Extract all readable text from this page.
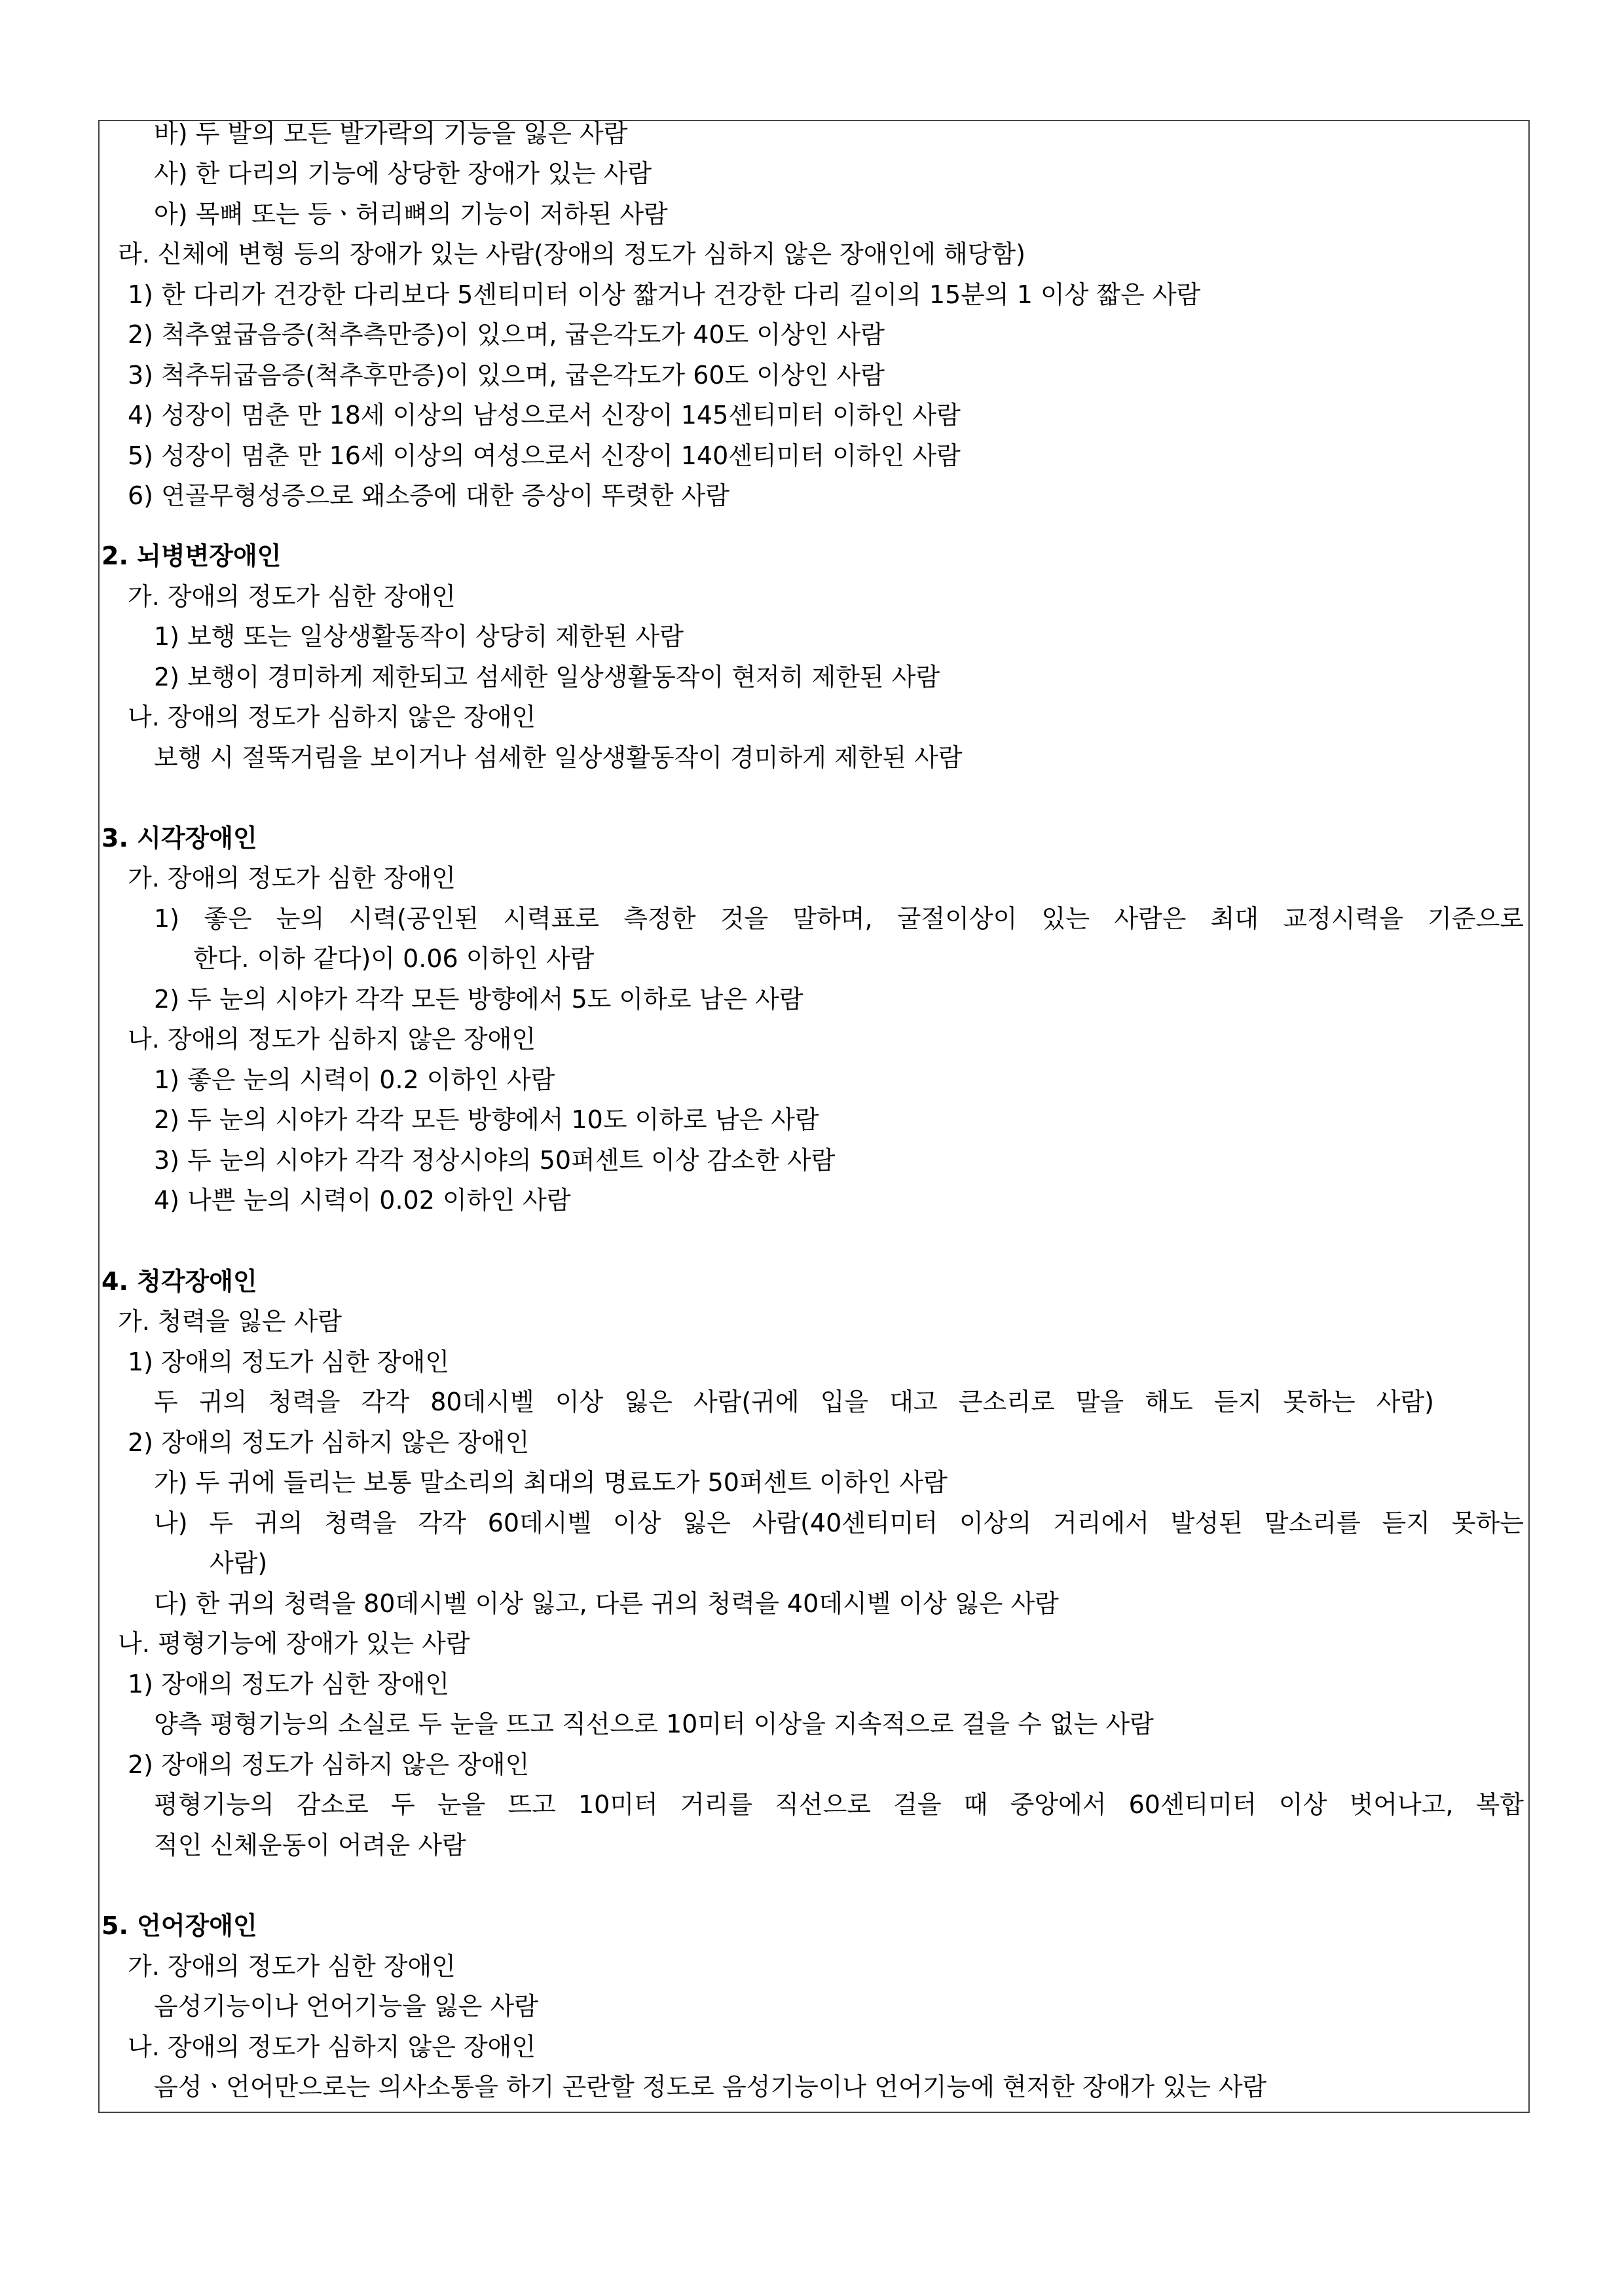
바) 두 발의 모든 발가락의 기능을 잃은 사람
사) 한 다리의 기능에 상당한 장애가 있는 사람
아) 목뼈 또는 등ㆍ허리뼈의 기능이 저하된 사람
라. 신체에 변형 등의 장애가 있는 사람(장애의 정도가 심하지 않은 장애인에 해당함)
1) 한 다리가 건강한 다리보다 5센티미터 이상 짧거나 건강한 다리 길이의 15분의 1 이상 짧은 사람
2) 척추옆굽음증(척추측만증)이 있으며, 굽은각도가 40도 이상인 사람
3) 척추뒤굽음증(척추후만증)이 있으며, 굽은각도가 60도 이상인 사람
4) 성장이 멈춘 만 18세 이상의 남성으로서 신장이 145센티미터 이하인 사람
5) 성장이 멈춘 만 16세 이상의 여성으로서 신장이 140센티미터 이하인 사람
6) 연골무형성증으로 왜소증에 대한 증상이 뚜렷한 사람
2. 뇌병변장애인
가. 장애의 정도가 심한 장애인
1) 보행 또는 일상생활동작이 상당히 제한된 사람
2) 보행이 경미하게 제한되고 섬세한 일상생활동작이 현저히 제한된 사람
나. 장애의 정도가 심하지 않은 장애인
보행 시 절뚝거림을 보이거나 섬세한 일상생활동작이 경미하게 제한된 사람
3. 시각장애인
가. 장애의 정도가 심한 장애인
1) 좋은 눈의 시력(공인된 시력표로 측정한 것을 말하며, 굴절이상이 있는 사람은 최대 교정시력을 기준으로
한다. 이하 같다)이 0.06 이하인 사람
2) 두 눈의 시야가 각각 모든 방향에서 5도 이하로 남은 사람
나. 장애의 정도가 심하지 않은 장애인
1) 좋은 눈의 시력이 0.2 이하인 사람
2) 두 눈의 시야가 각각 모든 방향에서 10도 이하로 남은 사람
3) 두 눈의 시야가 각각 정상시야의 50퍼센트 이상 감소한 사람
4) 나쁜 눈의 시력이 0.02 이하인 사람
4. 청각장애인
가. 청력을 잃은 사람
1) 장애의 정도가 심한 장애인
두 귀의 청력을 각각 80데시벨 이상 잃은 사람(귀에 입을 대고 큰소리로 말을 해도 듣지 못하는 사람)
2) 장애의 정도가 심하지 않은 장애인
가) 두 귀에 들리는 보통 말소리의 최대의 명료도가 50퍼센트 이하인 사람
나) 두 귀의 청력을 각각 60데시벨 이상 잃은 사람(40센티미터 이상의 거리에서 발성된 말소리를 듣지 못하는
사람)
다) 한 귀의 청력을 80데시벨 이상 잃고, 다른 귀의 청력을 40데시벨 이상 잃은 사람
나. 평형기능에 장애가 있는 사람
1) 장애의 정도가 심한 장애인
양측 평형기능의 소실로 두 눈을 뜨고 직선으로 10미터 이상을 지속적으로 걸을 수 없는 사람
2) 장애의 정도가 심하지 않은 장애인
평형기능의 감소로 두 눈을 뜨고 10미터 거리를 직선으로 걸을 때 중앙에서 60센티미터 이상 벗어나고, 복합
적인 신체운동이 어려운 사람
5. 언어장애인
가. 장애의 정도가 심한 장애인
음성기능이나 언어기능을 잃은 사람
나. 장애의 정도가 심하지 않은 장애인
음성ㆍ언어만으로는 의사소통을 하기 곤란할 정도로 음성기능이나 언어기능에 현저한 장애가 있는 사람
